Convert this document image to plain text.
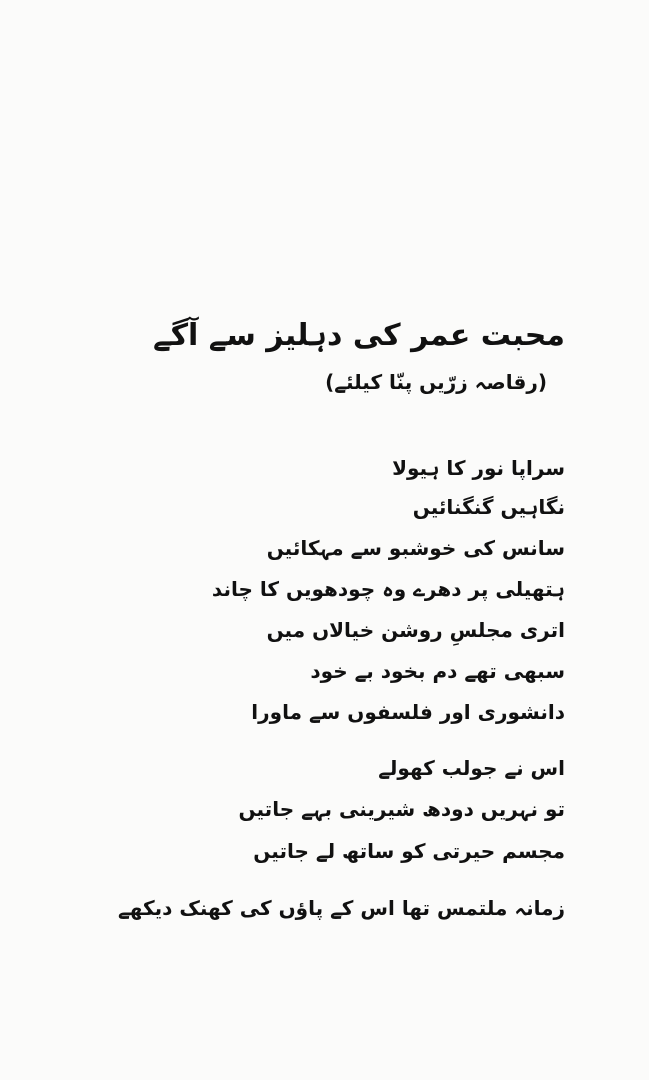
محبت عمر کی دہلیز سے آگے
(رقاصہ زرّیں پنّا کیلئے)
سراپا نور کا ہیولا
نگاہیں گنگنائیں
سانس کی خوشبو سے مہکائیں
ہتھیلی پر دھرے وہ چودھویں کا چاند
اتری مجلسِ روشن خیالاں میں
سبھی تھے دم بخود بے خود
دانشوری اور فلسفوں سے ماورا
اس نے جولب کھولے
تو نہریں دودھ شیرینی بہے جاتیں
مجسم حیرتی کو ساتھ لے جاتیں
زمانہ ملتمس تھا اس کے پاؤں کی کھنک دیکھے
